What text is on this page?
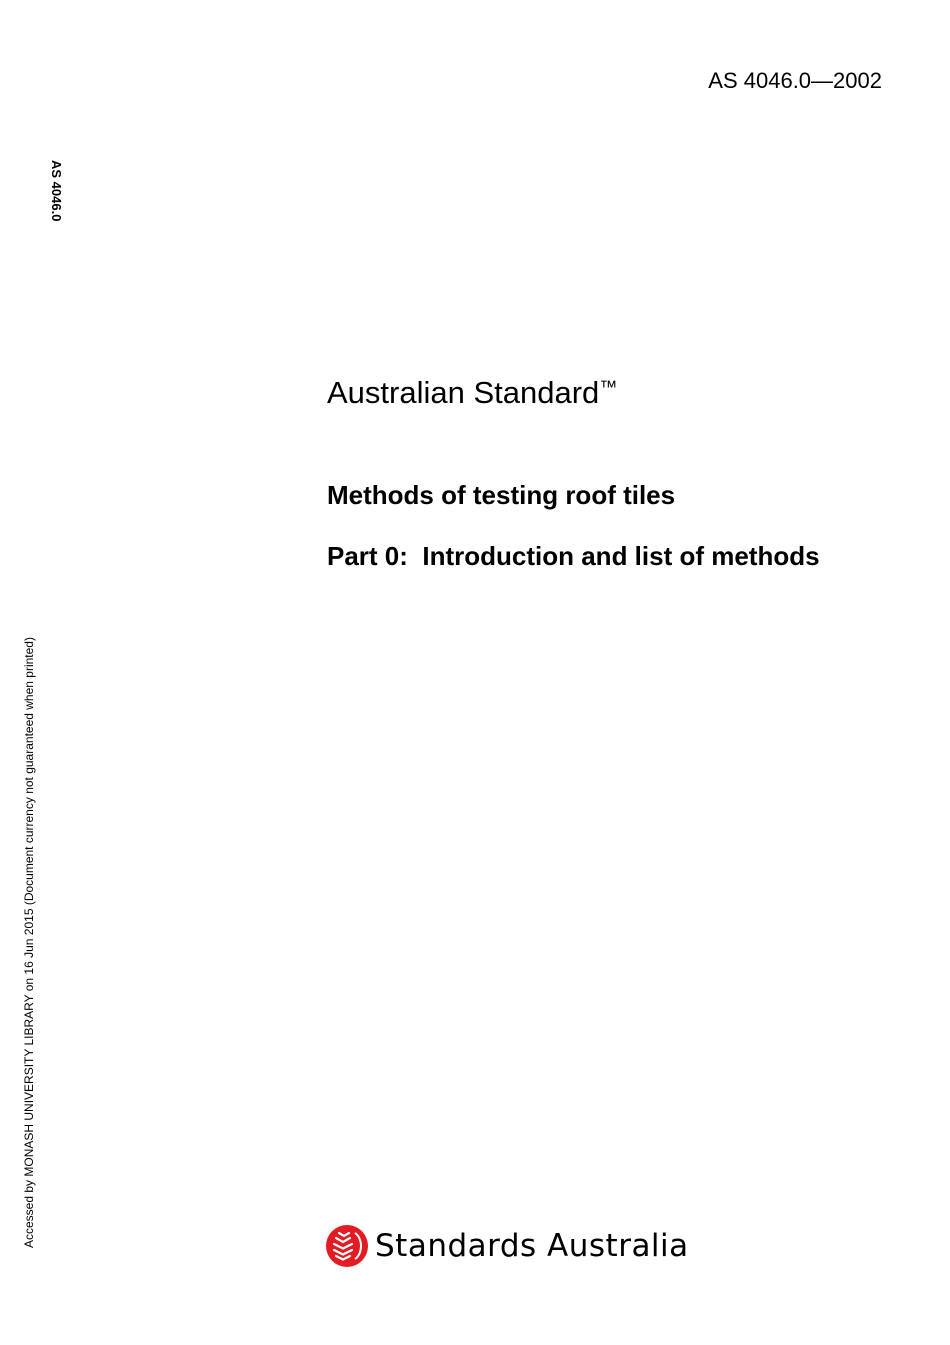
AS 4046.0—2002
AS 4046.0
Accessed by MONASH UNIVERSITY LIBRARY on 16 Jun 2015 (Document currency not guaranteed when printed)
Australian Standard™
Methods of testing roof tiles
Part 0:  Introduction and list of methods
Standards Australia
